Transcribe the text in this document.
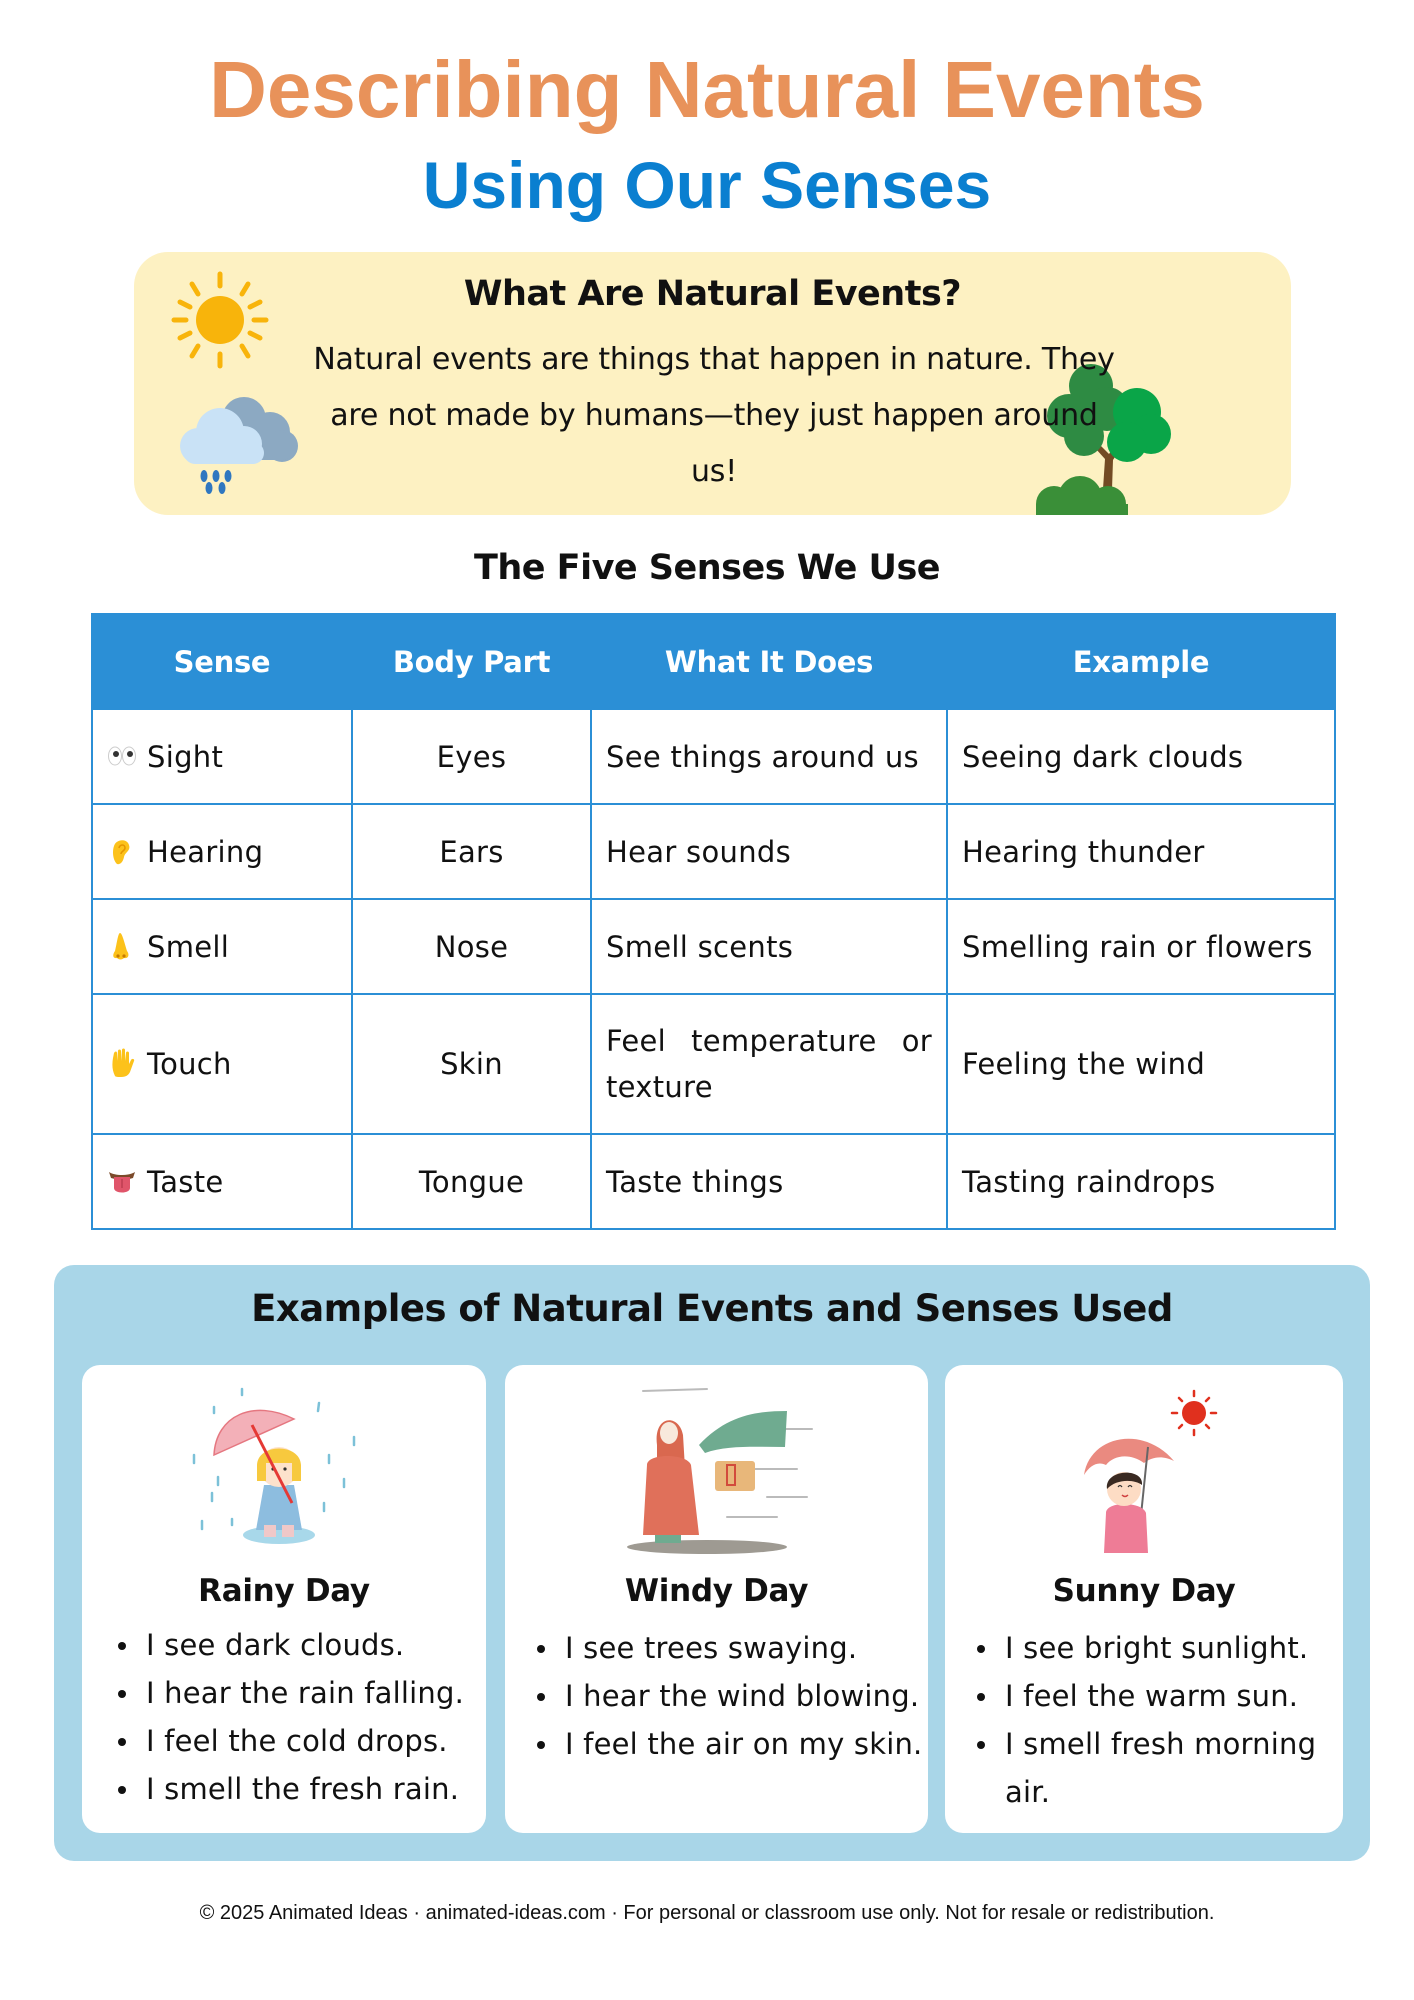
Describing Natural Events
Using Our Senses
What Are Natural Events?
Natural events are things that happen in nature. They are not made by humans—they just happen around us!
The Five Senses We Use
Sense	Body Part	What It Does	Example
Sight	Eyes	See things around us	Seeing dark clouds
Hearing	Ears	Hear sounds	Hearing thunder
Smell	Nose	Smell scents	Smelling rain or flowers
Touch	Skin	Feel temperature or texture	Feeling the wind
Taste	Tongue	Taste things	Tasting raindrops
Examples of Natural Events and Senses Used
Rainy Day
I see dark clouds.
I hear the rain falling.
I feel the cold drops.
I smell the fresh rain.
Windy Day
I see trees swaying.
I hear the wind blowing.
I feel the air on my skin.
Sunny Day
I see bright sunlight.
I feel the warm sun.
I smell fresh morning air.
© 2025 Animated Ideas · animated-ideas.com · For personal or classroom use only. Not for resale or redistribution.
